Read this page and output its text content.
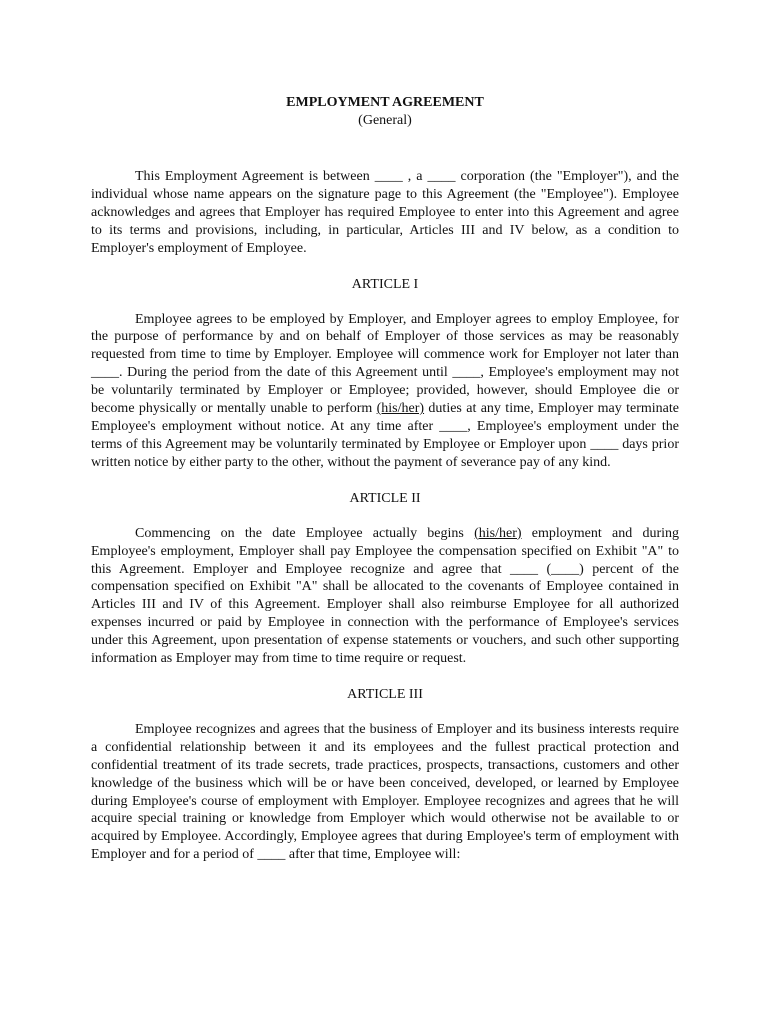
EMPLOYMENT AGREEMENT

(General)

This Employment Agreement is between ____ , a ____ corporation (the "Employer"), and the individual whose name appears on the signature page to this Agreement (the "Employee"). Employee acknowledges and agrees that Employer has required Employee to enter into this Agreement and agree to its terms and provisions, including, in particular, Articles III and IV below, as a condition to Employer's employment of Employee.

ARTICLE I

Employee agrees to be employed by Employer, and Employer agrees to employ Employee, for the purpose of performance by and on behalf of Employer of those services as may be reasonably requested from time to time by Employer. Employee will commence work for Employer not later than ____. During the period from the date of this Agreement until ____, Employee's employment may not be voluntarily terminated by Employer or Employee; provided, however, should Employee die or become physically or mentally unable to perform (his/her) duties at any time, Employer may terminate Employee's employment without notice. At any time after ____, Employee's employment under the terms of this Agreement may be voluntarily terminated by Employee or Employer upon ____ days prior written notice by either party to the other, without the payment of severance pay of any kind.

ARTICLE II

Commencing on the date Employee actually begins (his/her) employment and during Employee's employment, Employer shall pay Employee the compensation specified on Exhibit "A" to this Agreement. Employer and Employee recognize and agree that ____ (____) percent of the compensation specified on Exhibit "A" shall be allocated to the covenants of Employee contained in Articles III and IV of this Agreement. Employer shall also reimburse Employee for all authorized expenses incurred or paid by Employee in connection with the performance of Employee's services under this Agreement, upon presentation of expense statements or vouchers, and such other supporting information as Employer may from time to time require or request.

ARTICLE III

Employee recognizes and agrees that the business of Employer and its business interests require a confidential relationship between it and its employees and the fullest practical protection and confidential treatment of its trade secrets, trade practices, prospects, transactions, customers and other knowledge of the business which will be or have been conceived, developed, or learned by Employee during Employee's course of employment with Employer. Employee recognizes and agrees that he will acquire special training or knowledge from Employer which would otherwise not be available to or acquired by Employee. Accordingly, Employee agrees that during Employee's term of employment with Employer and for a period of ____ after that time, Employee will:
